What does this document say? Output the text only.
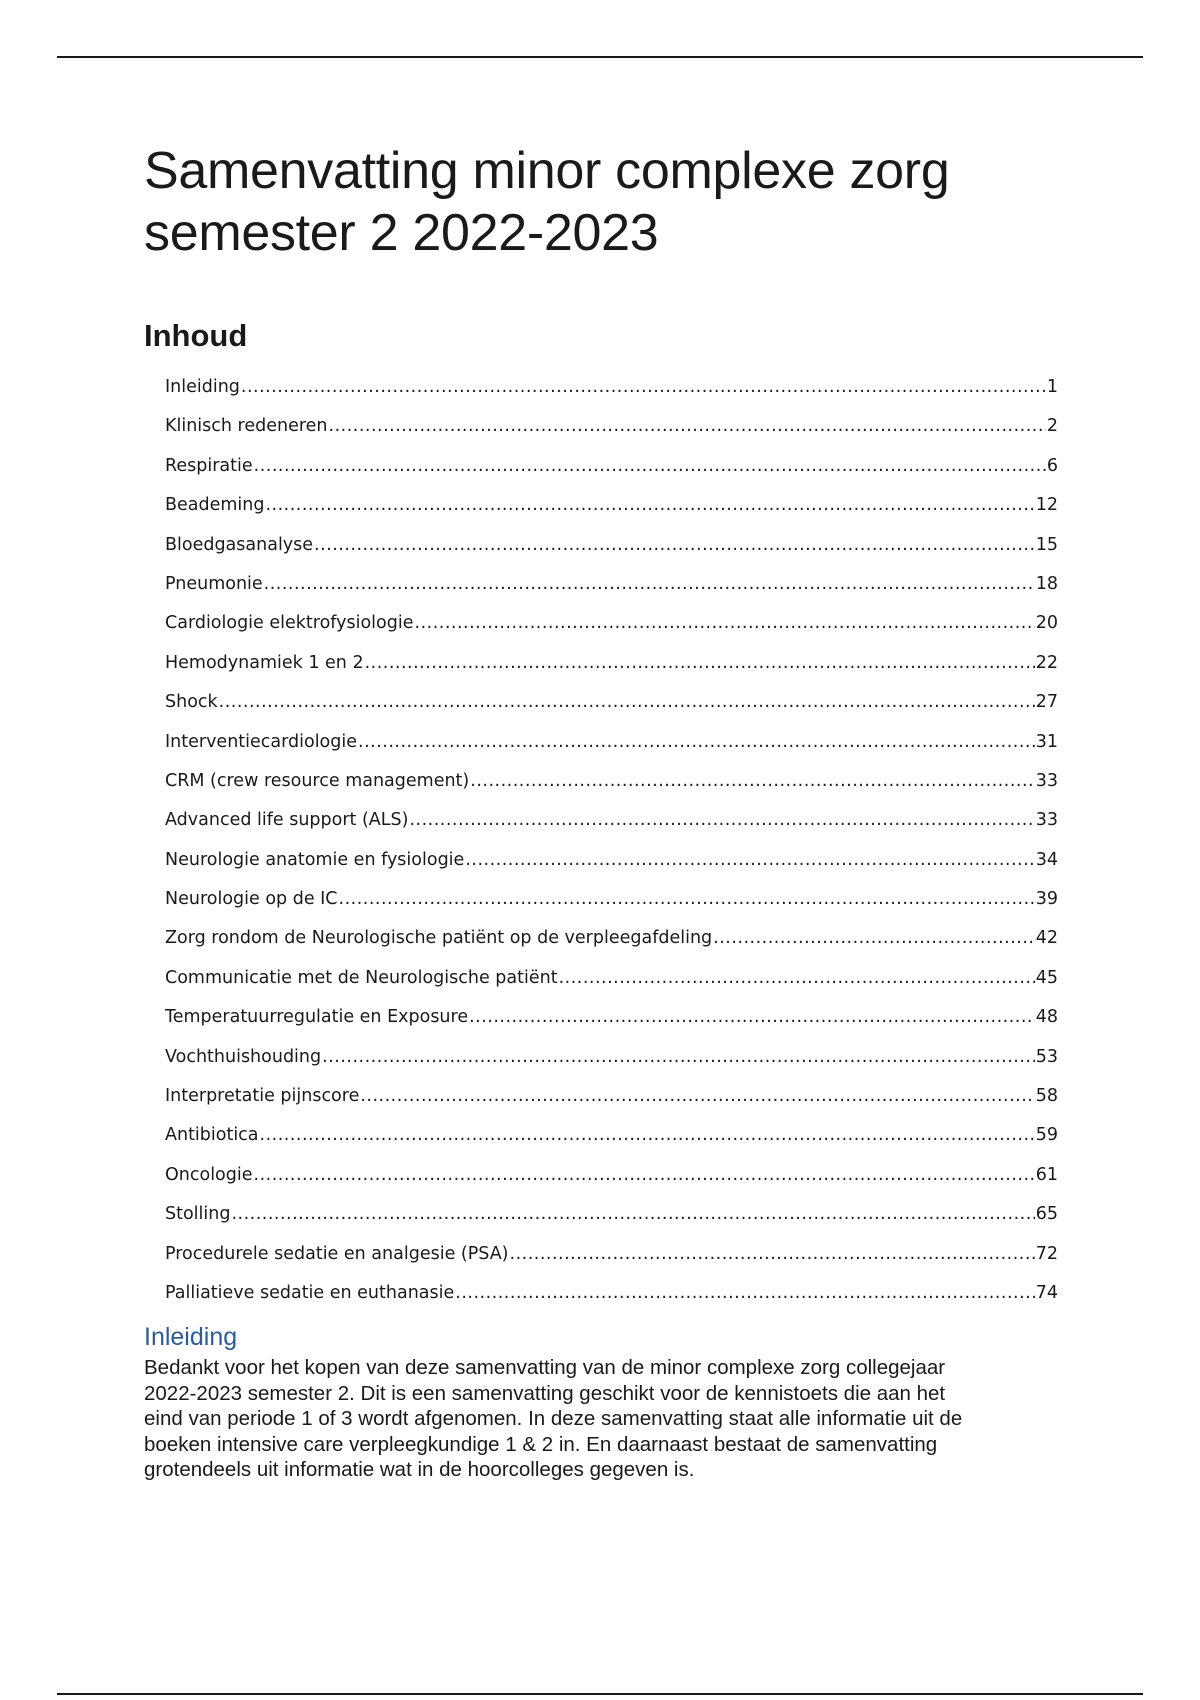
Samenvatting minor complexe zorg
semester 2 2022-2023
Inhoud
Inleiding .....	1
Klinisch redeneren .....	2
Respiratie .....	6
Beademing .....	12
Bloedgasanalyse .....	15
Pneumonie .....	18
Cardiologie elektrofysiologie .....	20
Hemodynamiek 1 en 2 .....	22
Shock .....	27
Interventiecardiologie .....	31
CRM (crew resource management) .....	33
Advanced life support (ALS) .....	33
Neurologie anatomie en fysiologie .....	34
Neurologie op de IC .....	39
Zorg rondom de Neurologische patiënt op de verpleegafdeling .....	42
Communicatie met de Neurologische patiënt .....	45
Temperatuurregulatie en Exposure .....	48
Vochthuishouding .....	53
Interpretatie pijnscore .....	58
Antibiotica .....	59
Oncologie .....	61
Stolling .....	65
Procedurele sedatie en analgesie (PSA) .....	72
Palliatieve sedatie en euthanasie .....	74
Inleiding
Bedankt voor het kopen van deze samenvatting van de minor complexe zorg collegejaar
2022-2023 semester 2. Dit is een samenvatting geschikt voor de kennistoets die aan het
eind van periode 1 of 3 wordt afgenomen. In deze samenvatting staat alle informatie uit de
boeken intensive care verpleegkundige 1 & 2 in. En daarnaast bestaat de samenvatting
grotendeels uit informatie wat in de hoorcolleges gegeven is.
